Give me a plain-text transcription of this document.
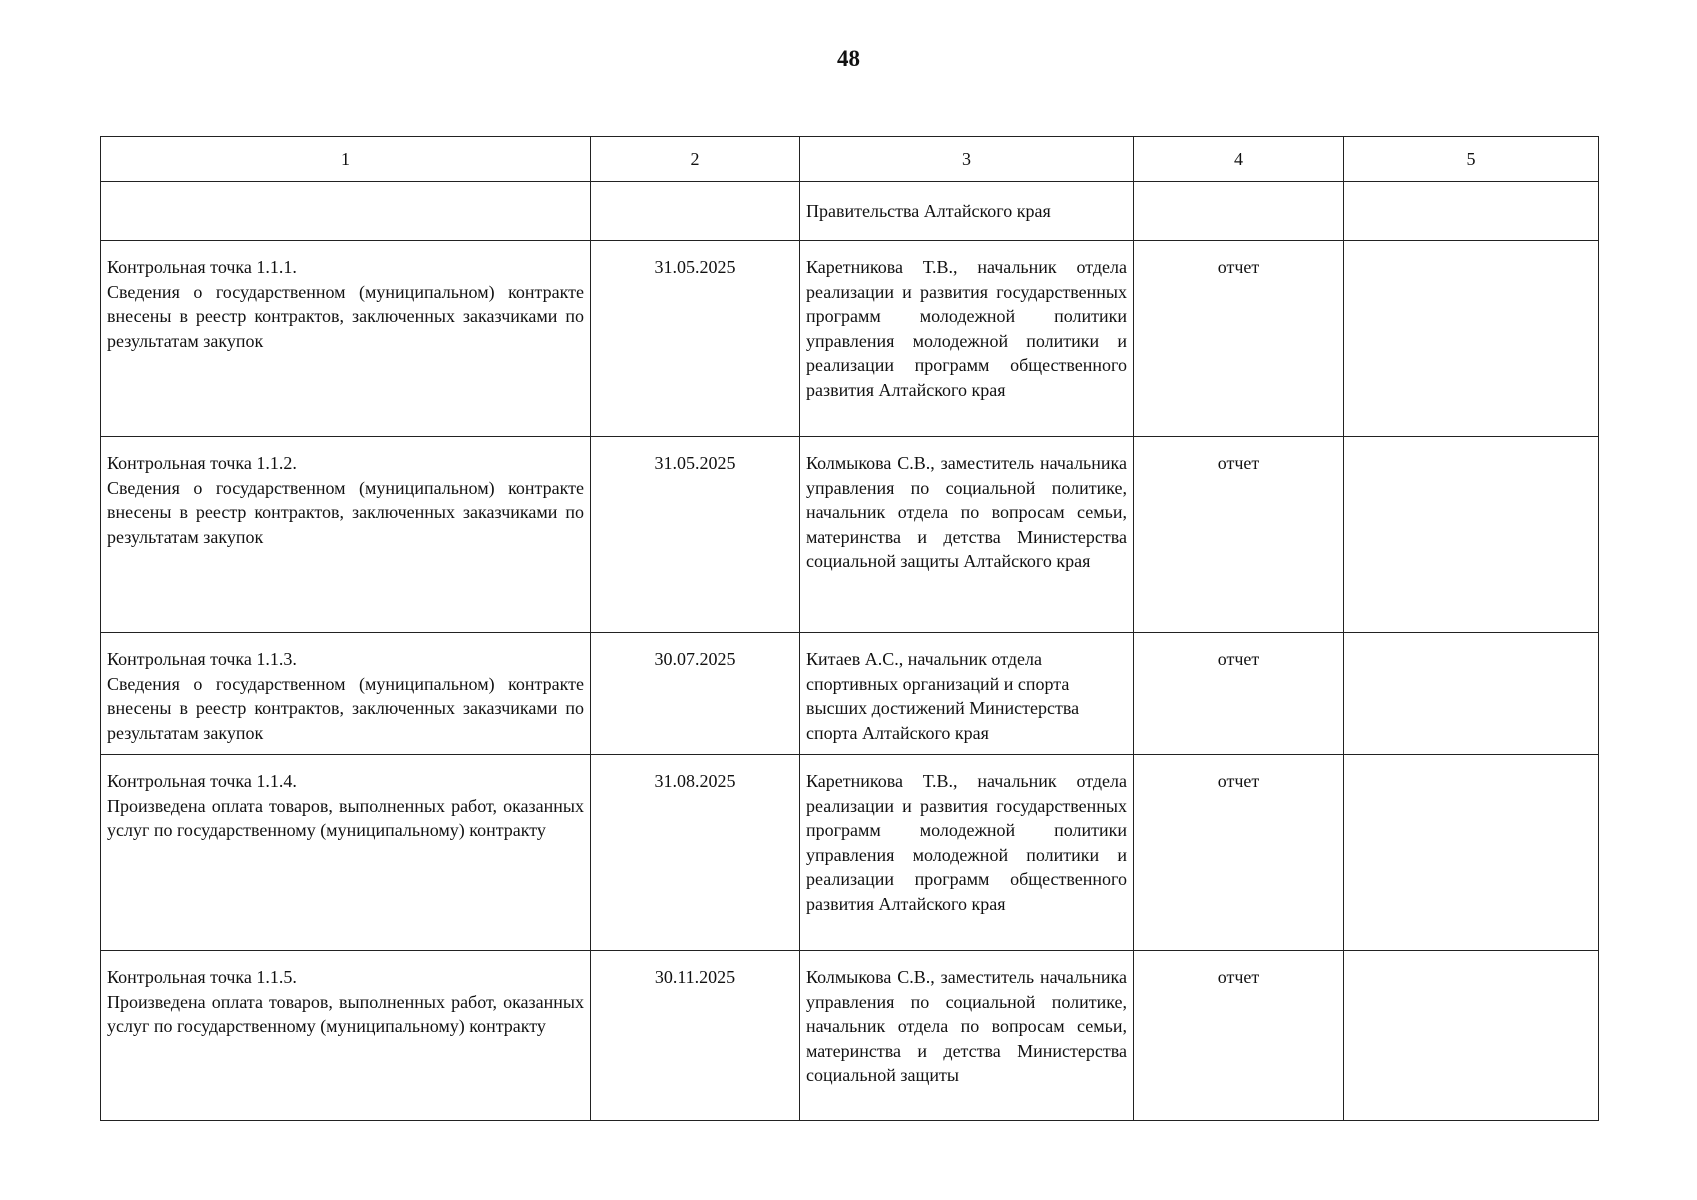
48
1	2	3	4	5
		Правительства Алтайского края		

Контрольная точка 1.1.1.
Сведения о государственном (муниципальном) контракте внесены в реестр контрактов, заключенных заказчиками по результатам закупок	31.05.2025	Каретникова Т.В., начальник отдела реализации и развития государственных программ молодежной политики управления молодежной политики и реализации программ общественного развития Алтайского края	отчет	

Контрольная точка 1.1.2.
Сведения о государственном (муниципальном) контракте внесены в реестр контрактов, заключенных заказчиками по результатам закупок	31.05.2025	Колмыкова С.В., заместитель начальника управления по социальной политике, начальник отдела по вопросам семьи, материнства и детства Министерства социальной защиты Алтайского края	отчет	

Контрольная точка 1.1.3.
Сведения о государственном (муниципальном) контракте внесены в реестр контрактов, заключенных заказчиками по результатам закупок	30.07.2025	Китаев А.С., начальник отдела спортивных организаций и спорта высших достижений Министерства спорта Алтайского края	отчет	

Контрольная точка 1.1.4.
Произведена оплата товаров, выполненных работ, оказанных услуг по государственному (муниципальному) контракту	31.08.2025	Каретникова Т.В., начальник отдела реализации и развития государственных программ молодежной политики управления молодежной политики и реализации программ общественного развития Алтайского края	отчет	

Контрольная точка 1.1.5.
Произведена оплата товаров, выполненных работ, оказанных услуг по государственному (муниципальному) контракту	30.11.2025	Колмыкова С.В., заместитель начальника управления по социальной политике, начальник отдела по вопросам семьи, материнства и детства Министерства социальной защиты	отчет	
